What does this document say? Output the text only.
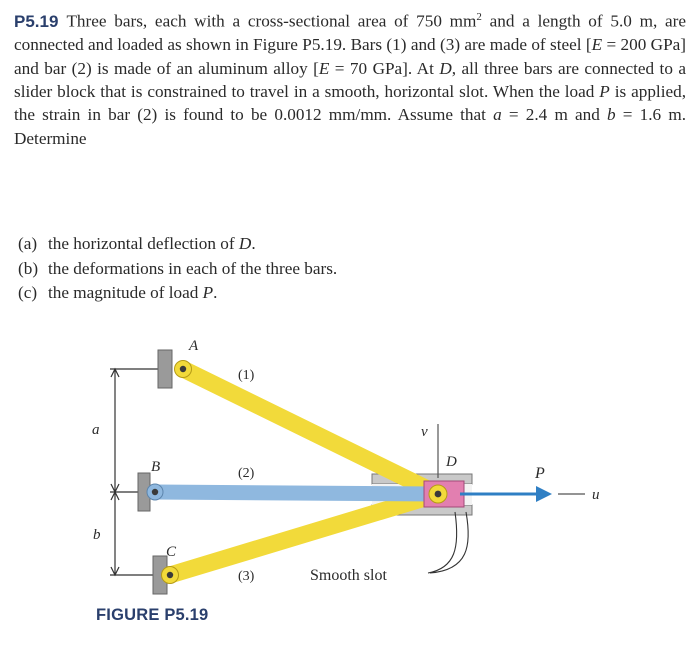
P5.19 Three bars, each with a cross-sectional area of 750 $mm^2$ and a length of 5.0 m, are connected and loaded as shown in Figure P5.19. Bars (1) and (3) are made of steel [E = 200 GPa] and bar (2) is made of an aluminum alloy [E = 70 GPa]. At D, all three bars are connected to a slider block that is constrained to travel in a smooth, horizontal slot. When the load P is applied, the strain in bar (2) is found to be 0.0012 mm/mm. Assume that a = 2.4 m and b = 1.6 m. Determine
(a) the horizontal deflection of D.
(b) the deformations in each of the three bars.
(c) the magnitude of load P.
A
B
C
D
(1)
(2)
(3)
a
b
v
P
u
Smooth slot
FIGURE P5.19
